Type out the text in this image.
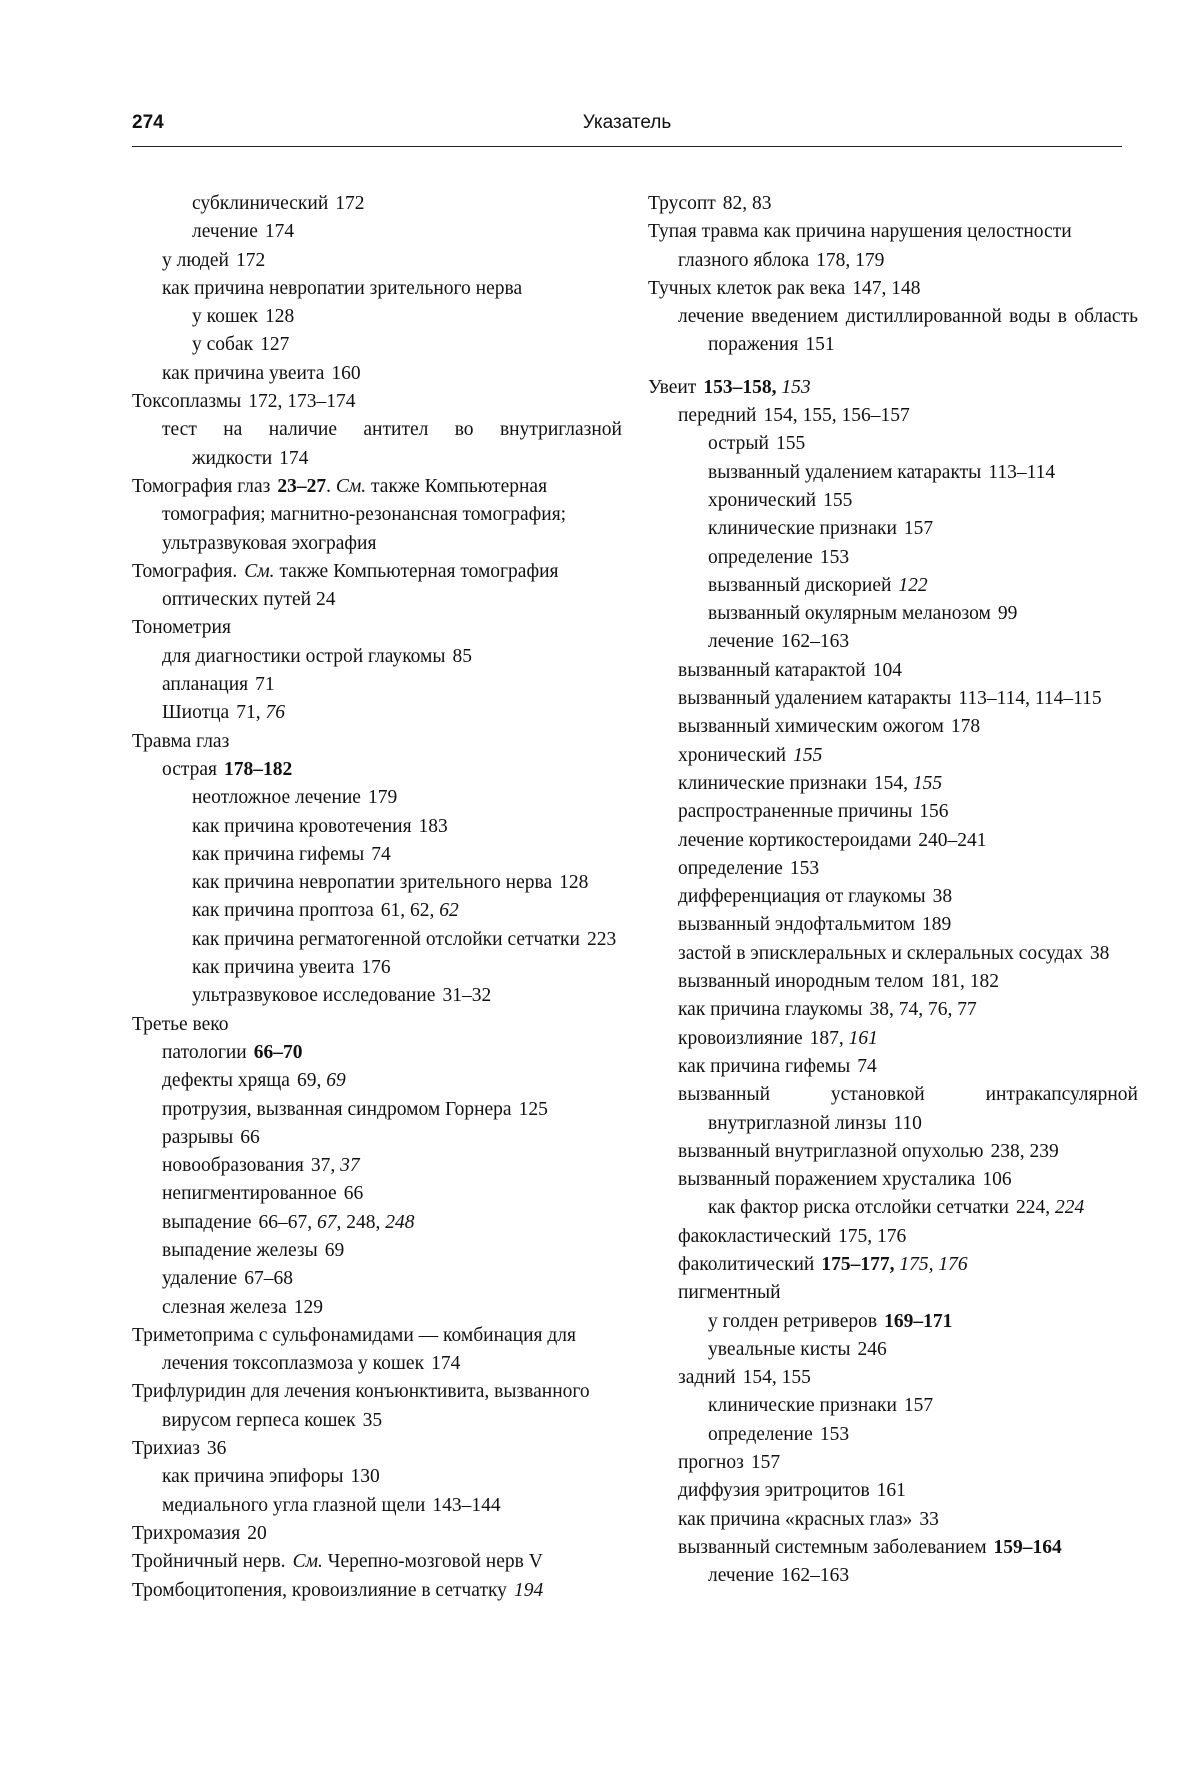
274	Указатель
субклинический 172
лечение 174
у людей 172
как причина невропатии зрительного нерва
у кошек 128
у собак 127
как причина увеита 160
Токсоплазмы 172, 173–174
тест на наличие антител во внутриглазной жидкости 174
Томография глаз 23–27. См. также Компьютерная томография; магнитно-резонансная томография; ультразвуковая эхография
Томография. См. также Компьютерная томография оптических путей 24
Тонометрия
для диагностики острой глаукомы 85
апланация 71
Шиотца 71, 76
Травма глаз
острая 178–182
неотложное лечение 179
как причина кровотечения 183
как причина гифемы 74
как причина невропатии зрительного нерва 128
как причина проптоза 61, 62, 62
как причина регматогенной отслойки сетчатки 223
как причина увеита 176
ультразвуковое исследование 31–32
Третье веко
патологии 66–70
дефекты хряща 69, 69
протрузия, вызванная синдромом Горнера 125
разрывы 66
новообразования 37, 37
непигментированное 66
выпадение 66–67, 67, 248, 248
выпадение железы 69
удаление 67–68
слезная железа 129
Триметоприма с сульфонамидами — комбинация для лечения токсоплазмоза у кошек 174
Трифлуридин для лечения конъюнктивита, вызванного вирусом герпеса кошек 35
Трихиаз 36
как причина эпифоры 130
медиального угла глазной щели 143–144
Трихромазия 20
Тройничный нерв. См. Черепно-мозговой нерв V
Тромбоцитопения, кровоизлияние в сетчатку 194
Трусопт 82, 83
Тупая травма как причина нарушения целостности глазного яблока 178, 179
Тучных клеток рак века 147, 148
лечение введением дистиллированной воды в область поражения 151
Увеит 153–158, 153
передний 154, 155, 156–157
острый 155
вызванный удалением катаракты 113–114
хронический 155
клинические признаки 157
определение 153
вызванный дискорией 122
вызванный окулярным меланозом 99
лечение 162–163
вызванный катарактой 104
вызванный удалением катаракты 113–114, 114–115
вызванный химическим ожогом 178
хронический 155
клинические признаки 154, 155
распространенные причины 156
лечение кортикостероидами 240–241
определение 153
дифференциация от глаукомы 38
вызванный эндофтальмитом 189
застой в эписклеральных и склеральных сосудах 38
вызванный инородным телом 181, 182
как причина глаукомы 38, 74, 76, 77
кровоизлияние 187, 161
как причина гифемы 74
вызванный установкой интракапсулярной внутриглазной линзы 110
вызванный внутриглазной опухолью 238, 239
вызванный поражением хрусталика 106
как фактор риска отслойки сетчатки 224, 224
факокластический 175, 176
факолитический 175–177, 175, 176
пигментный
у голден ретриверов 169–171
увеальные кисты 246
задний 154, 155
клинические признаки 157
определение 153
прогноз 157
диффузия эритроцитов 161
как причина «красных глаз» 33
вызванный системным заболеванием 159–164
лечение 162–163
